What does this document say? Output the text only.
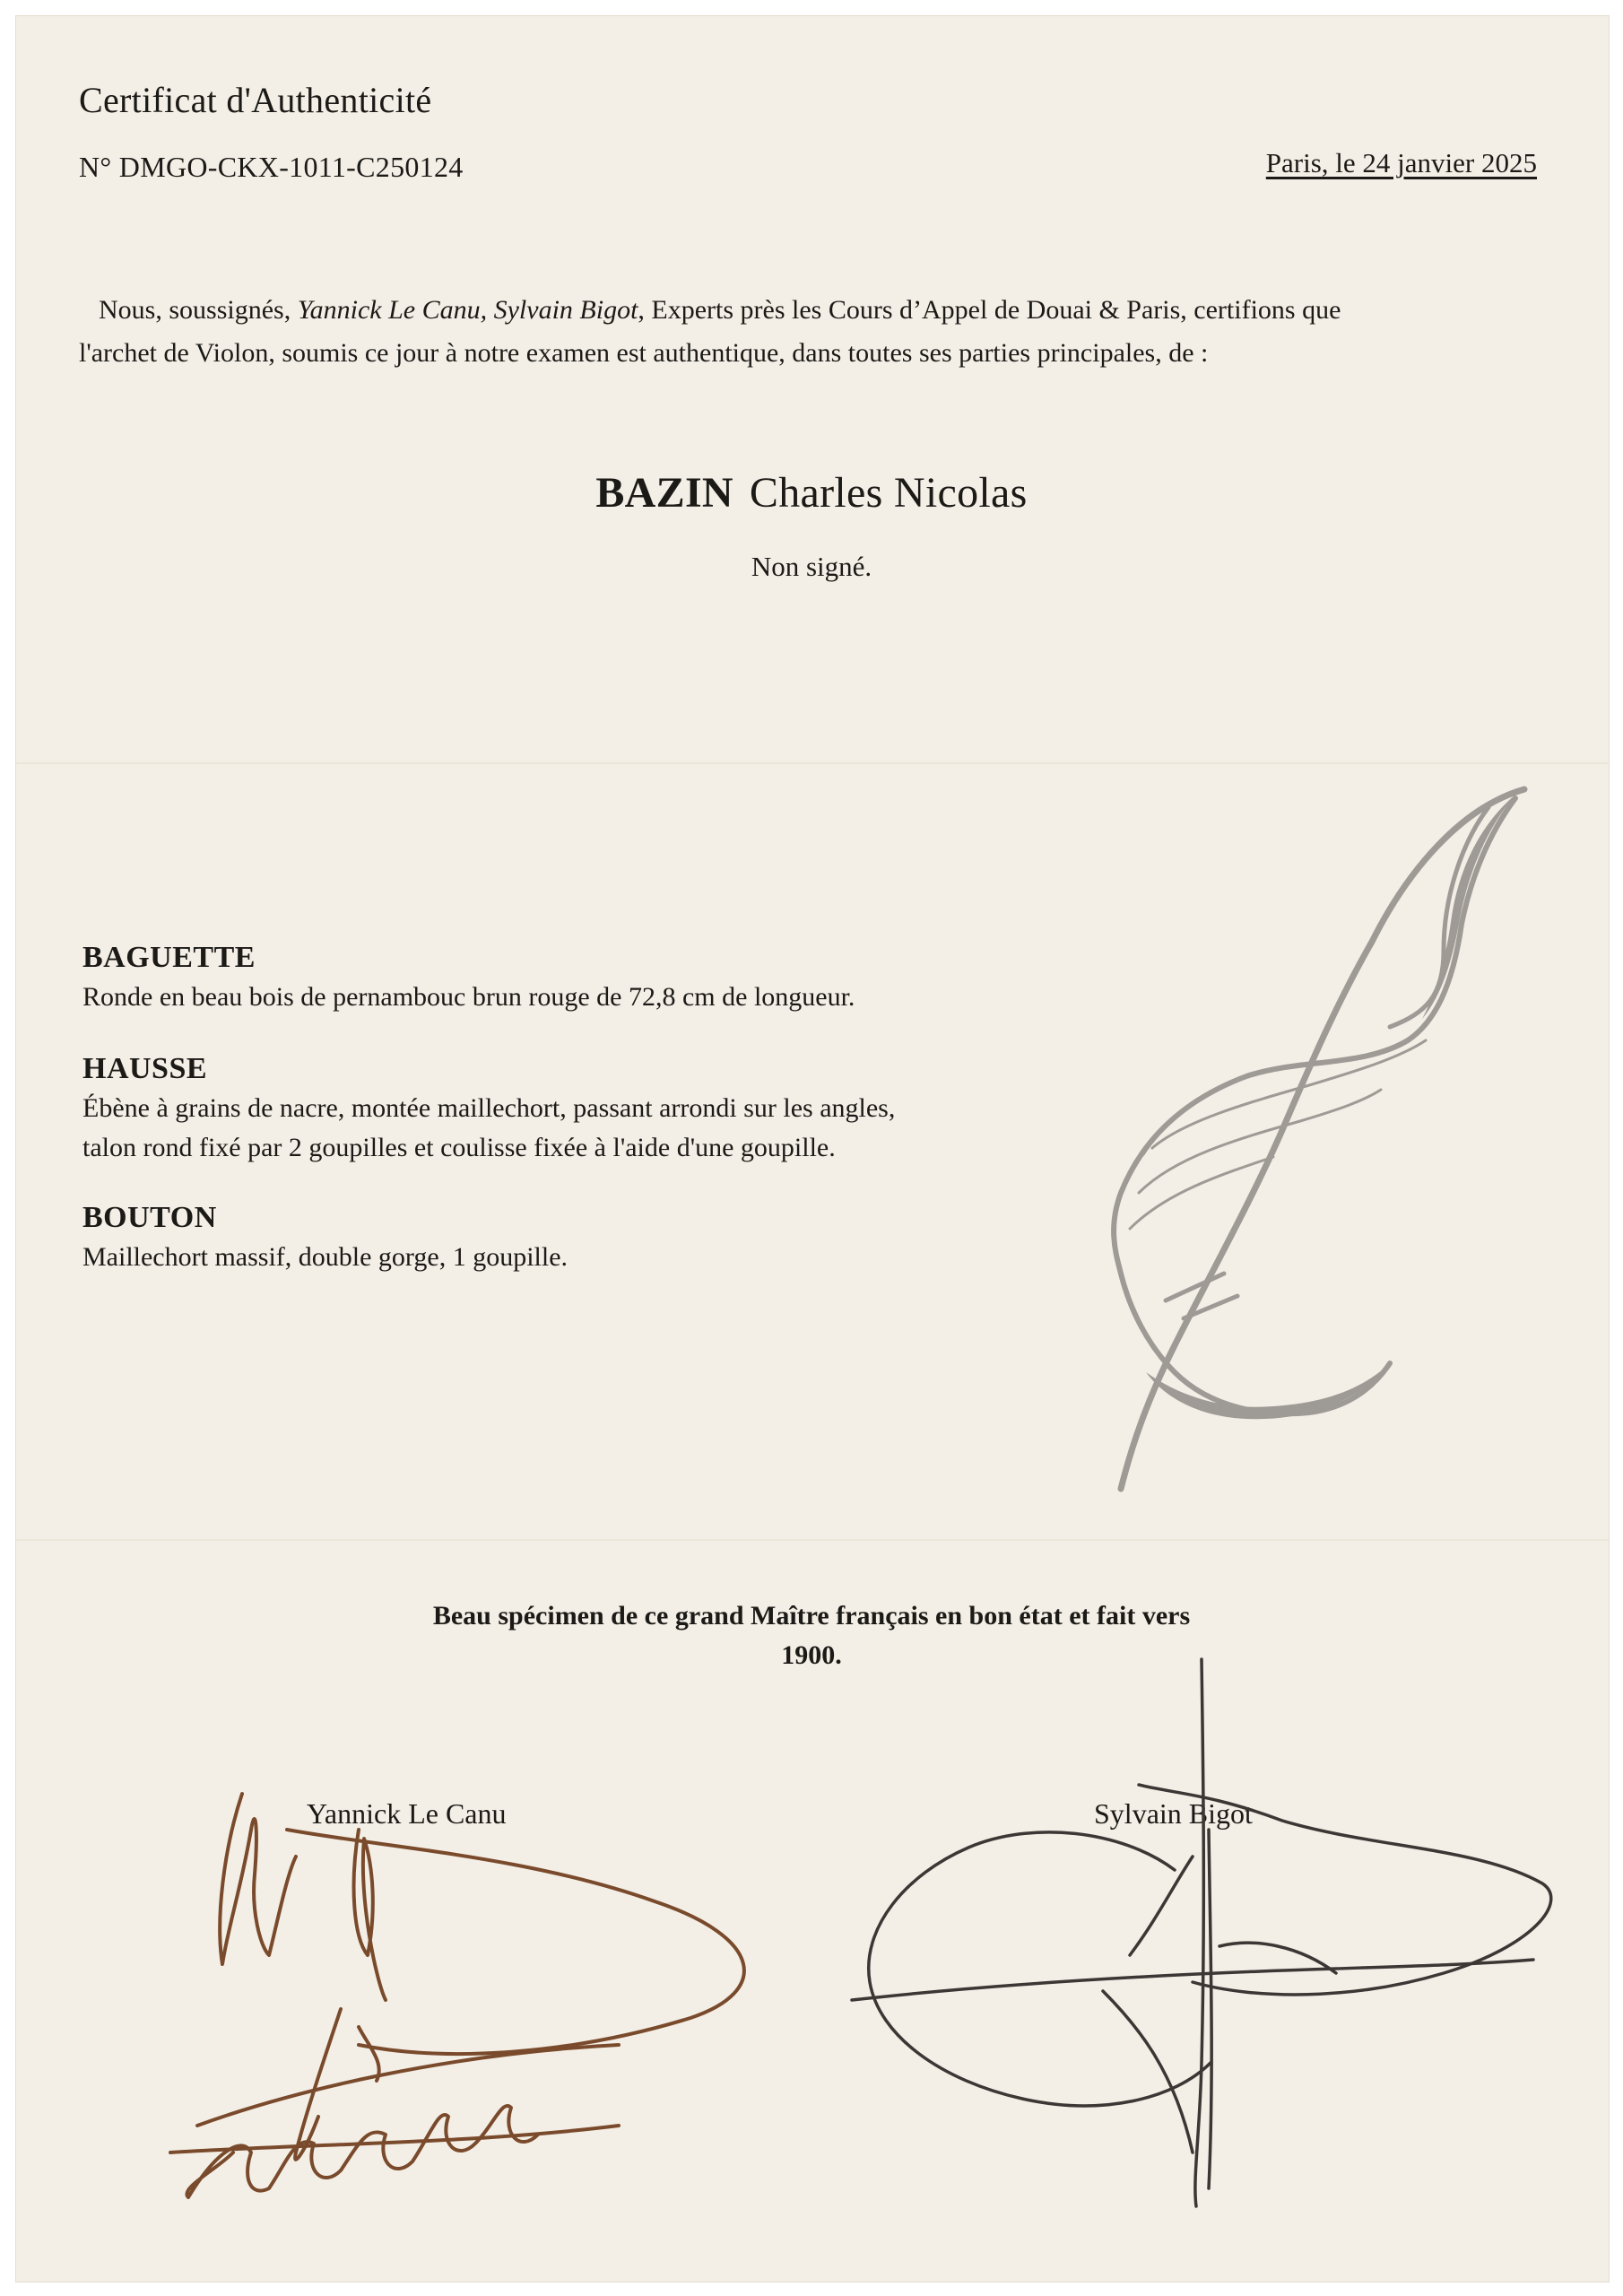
Certificat d'Authenticité
N° DMGO-CKX-1011-C250124	Paris, le 24 janvier 2025
Nous, soussignés, Yannick Le Canu, Sylvain Bigot, Experts près les Cours d’Appel de Douai & Paris, certifions que
l'archet de Violon, soumis ce jour à notre examen est authentique, dans toutes ses parties principales, de :
BAZIN Charles Nicolas
Non signé.
BAGUETTE

Ronde en beau bois de pernambouc brun rouge de 72,8 cm de longueur.

HAUSSE

Ébène à grains de nacre, montée maillechort, passant arrondi sur les angles,

talon rond fixé par 2 goupilles et coulisse fixée à l'aide d'une goupille.

BOUTON

Maillechort massif, double gorge, 1 goupille.

Beau spécimen de ce grand Maître français en bon état et fait vers
1900.
Yannick Le Canu	Sylvain Bigot
